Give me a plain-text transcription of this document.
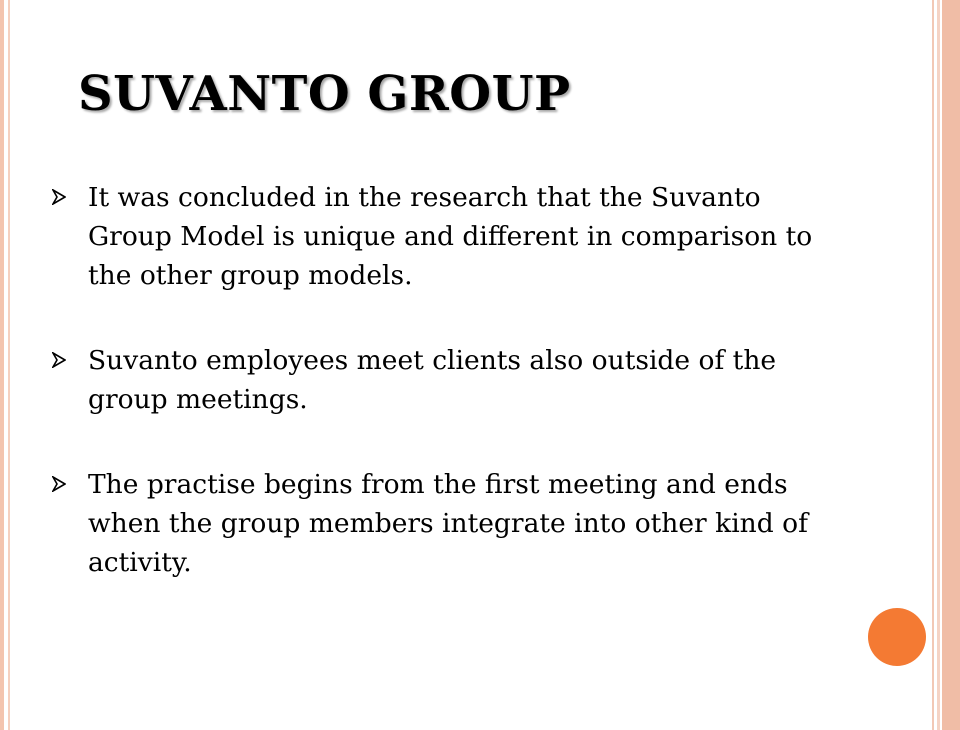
SUVANTO GROUP
It was concluded in the research that the Suvanto Group Model is unique and different in comparison to the other group models.
Suvanto employees meet clients also outside of the group meetings.
The practise begins from the first meeting and ends when the group members integrate into other kind of activity.
